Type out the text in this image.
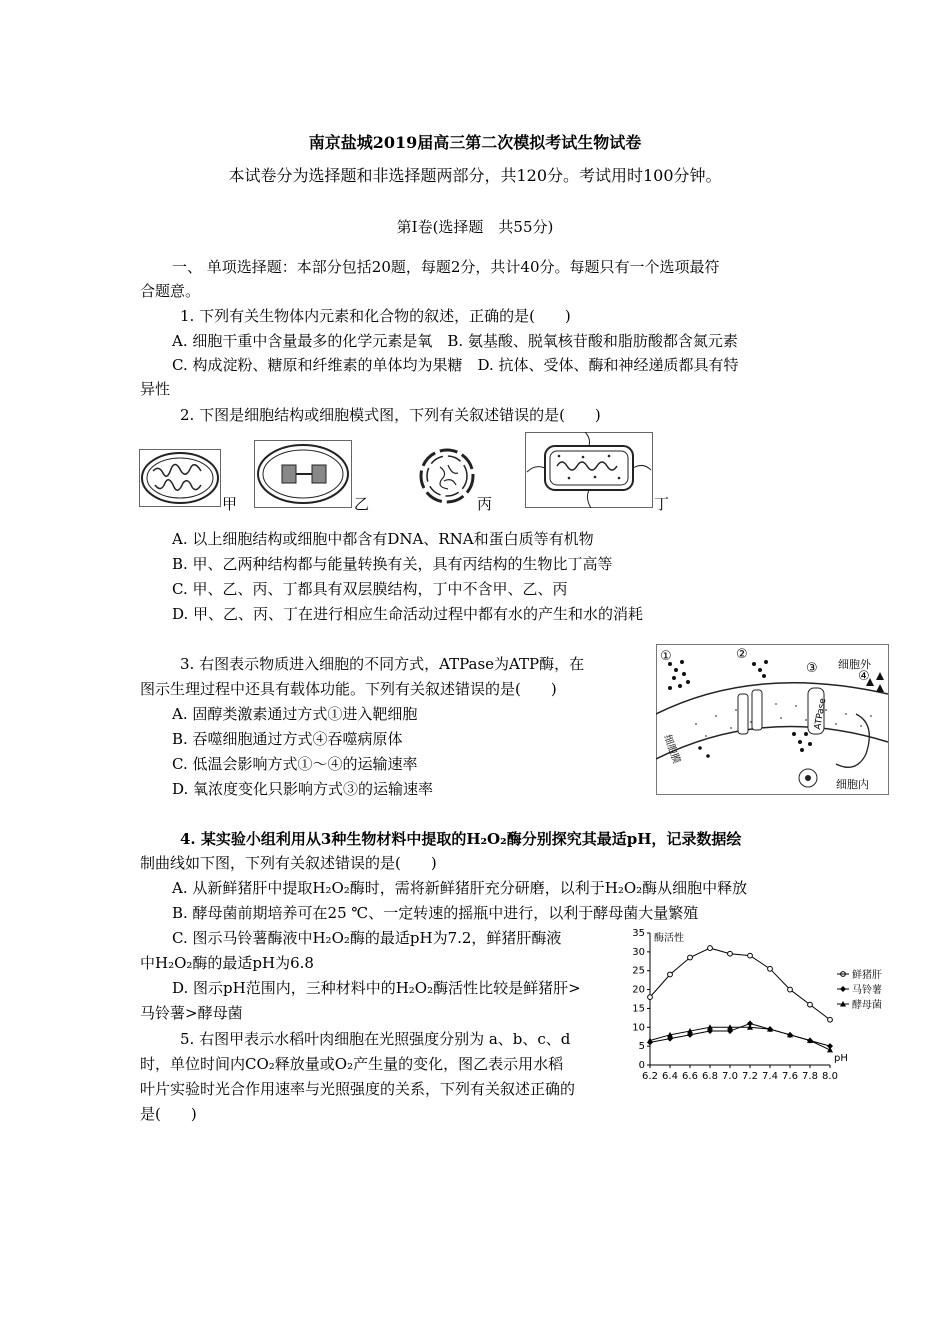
南京盐城2019届高三第二次模拟考试生物试卷
本试卷分为选择题和非选择题两部分，共120分。考试用时100分钟。
第Ⅰ卷(选择题　共55分)
一、 单项选择题：本部分包括20题，每题2分，共计40分。每题只有一个选项最符
合题意。
1. 下列有关生物体内元素和化合物的叙述，正确的是(　　)
A. 细胞干重中含量最多的化学元素是氧　B. 氨基酸、脱氧核苷酸和脂肪酸都含氮元素
C. 构成淀粉、糖原和纤维素的单体均为果糖　D. 抗体、受体、酶和神经递质都具有特
异性
2. 下图是细胞结构或细胞模式图，下列有关叙述错误的是(　　)
甲	乙	丙	丁
A. 以上细胞结构或细胞中都含有DNA、RNA和蛋白质等有机物
B. 甲、乙两种结构都与能量转换有关，具有丙结构的生物比丁高等
C. 甲、乙、丙、丁都具有双层膜结构，丁中不含甲、乙、丙
D. 甲、乙、丙、丁在进行相应生命活动过程中都有水的产生和水的消耗
3. 右图表示物质进入细胞的不同方式，ATPase为ATP酶，在
图示生理过程中还具有载体功能。下列有关叙述错误的是(　　)
A. 固醇类激素通过方式①进入靶细胞
B. 吞噬细胞通过方式④吞噬病原体
C. 低温会影响方式①～④的运输速率
D. 氧浓度变化只影响方式③的运输速率
ATPase
①	②
③
④
细胞外
细胞内
细胞膜
4. 某实验小组利用从3种生物材料中提取的H₂O₂酶分别探究其最适pH，记录数据绘
制曲线如下图，下列有关叙述错误的是(　　)
A. 从新鲜猪肝中提取H₂O₂酶时，需将新鲜猪肝充分研磨，以利于H₂O₂酶从细胞中释放
B. 酵母菌前期培养可在25 ℃、一定转速的摇瓶中进行，以利于酵母菌大量繁殖
C. 图示马铃薯酶液中H₂O₂酶的最适pH为7.2，鲜猪肝酶液
中H₂O₂酶的最适pH为6.8
D. 图示pH范围内，三种材料中的H₂O₂酶活性比较是鲜猪肝>
马铃薯>酵母菌
5. 右图甲表示水稻叶肉细胞在光照强度分别为 a、b、c、d
时，单位时间内CO₂释放量或O₂产生量的变化，图乙表示用水稻
叶片实验时光合作用速率与光照强度的关系，下列有关叙述正确的
是(　　)
0
5
10
15
20
25
30
35
6.2 6.4 6.6 6.8 7.0 7.2 7.4 7.6 7.8 8.0
酶活性
pH
鲜猪肝
马铃薯
酵母菌
